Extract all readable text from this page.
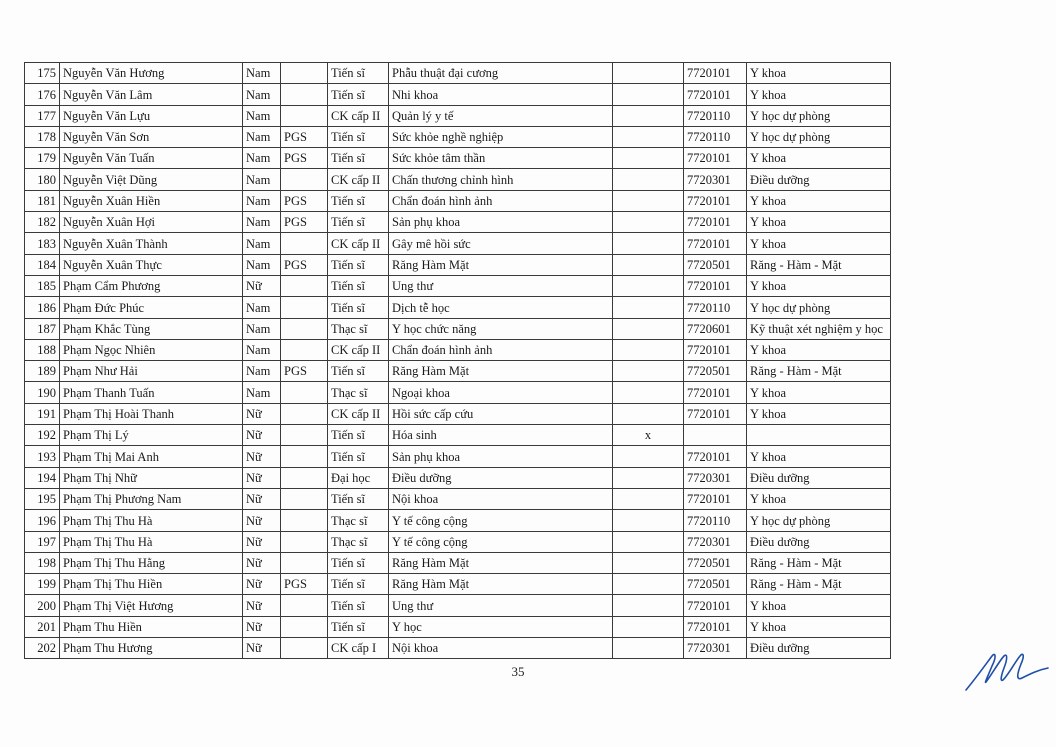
175	Nguyễn Văn Hương	Nam		Tiến sĩ	Phẫu thuật đại cương		7720101	Y khoa
176	Nguyễn Văn Lâm	Nam		Tiến sĩ	Nhi khoa		7720101	Y khoa
177	Nguyễn Văn Lựu	Nam		CK cấp II	Quản lý y tế		7720110	Y học dự phòng
178	Nguyễn Văn Sơn	Nam	PGS	Tiến sĩ	Sức khỏe nghề nghiệp		7720110	Y học dự phòng
179	Nguyễn Văn Tuấn	Nam	PGS	Tiến sĩ	Sức khỏe tâm thần		7720101	Y khoa
180	Nguyễn Việt Dũng	Nam		CK cấp II	Chấn thương chỉnh hình		7720301	Điều dưỡng
181	Nguyễn Xuân Hiền	Nam	PGS	Tiến sĩ	Chẩn đoán hình ảnh		7720101	Y khoa
182	Nguyễn Xuân Hợi	Nam	PGS	Tiến sĩ	Sản phụ khoa		7720101	Y khoa
183	Nguyễn Xuân Thành	Nam		CK cấp II	Gây mê hồi sức		7720101	Y khoa
184	Nguyễn Xuân Thực	Nam	PGS	Tiến sĩ	Răng Hàm Mặt		7720501	Răng - Hàm - Mặt
185	Phạm Cẩm Phương	Nữ		Tiến sĩ	Ung thư		7720101	Y khoa
186	Phạm Đức Phúc	Nam		Tiến sĩ	Dịch tễ học		7720110	Y học dự phòng
187	Phạm Khắc Tùng	Nam		Thạc sĩ	Y học chức năng		7720601	Kỹ thuật xét nghiệm y học
188	Phạm Ngọc Nhiên	Nam		CK cấp II	Chẩn đoán hình ảnh		7720101	Y khoa
189	Phạm Như Hải	Nam	PGS	Tiến sĩ	Răng Hàm Mặt		7720501	Răng - Hàm - Mặt
190	Phạm Thanh Tuấn	Nam		Thạc sĩ	Ngoại khoa		7720101	Y khoa
191	Phạm Thị Hoài Thanh	Nữ		CK cấp II	Hồi sức cấp cứu		7720101	Y khoa
192	Phạm Thị Lý	Nữ		Tiến sĩ	Hóa sinh	x		
193	Phạm Thị Mai Anh	Nữ		Tiến sĩ	Sản phụ khoa		7720101	Y khoa
194	Phạm Thị Nhữ	Nữ		Đại học	Điều dưỡng		7720301	Điều dưỡng
195	Phạm Thị Phương Nam	Nữ		Tiến sĩ	Nội khoa		7720101	Y khoa
196	Phạm Thị Thu Hà	Nữ		Thạc sĩ	Y tế công cộng		7720110	Y học dự phòng
197	Phạm Thị Thu Hà	Nữ		Thạc sĩ	Y tế công cộng		7720301	Điều dưỡng
198	Phạm Thị Thu Hằng	Nữ		Tiến sĩ	Răng Hàm Mặt		7720501	Răng - Hàm - Mặt
199	Phạm Thị Thu Hiền	Nữ	PGS	Tiến sĩ	Răng Hàm Mặt		7720501	Răng - Hàm - Mặt
200	Phạm Thị Việt Hương	Nữ		Tiến sĩ	Ung thư		7720101	Y khoa
201	Phạm Thu Hiền	Nữ		Tiến sĩ	Y học		7720101	Y khoa
202	Phạm Thu Hương	Nữ		CK cấp I	Nội khoa		7720301	Điều dưỡng
35
